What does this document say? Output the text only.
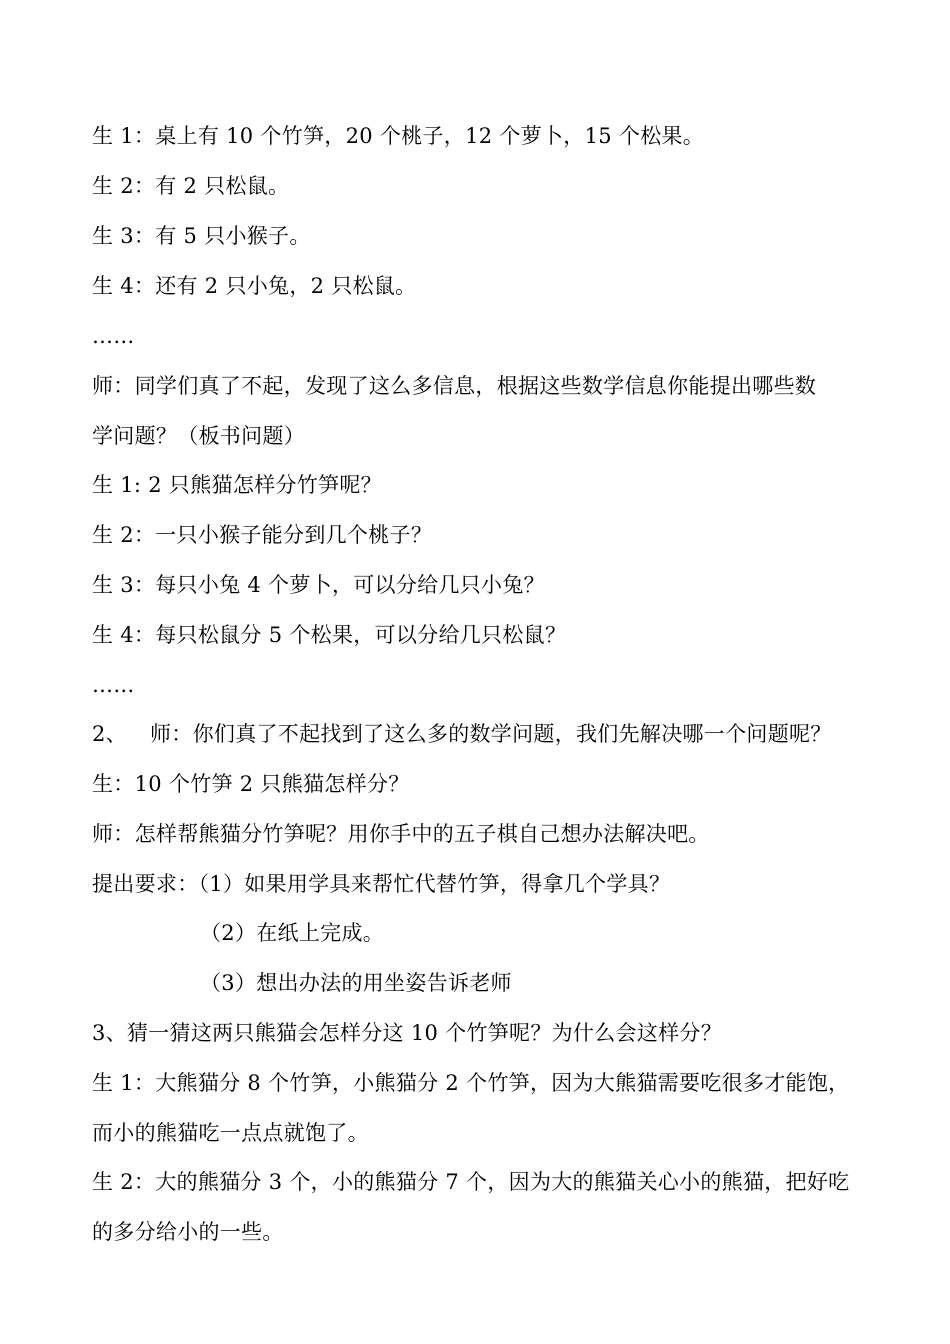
生 1：桌上有 10 个竹笋，20 个桃子，12 个萝卜，15 个松果。
生 2：有 2 只松鼠。
生 3：有 5 只小猴子。
生 4：还有 2 只小兔，2 只松鼠。
……
师：同学们真了不起，发现了这么多信息，根据这些数学信息你能提出哪些数
学问题？（板书问题）
生 1: 2 只熊猫怎样分竹笋呢？
生 2：一只小猴子能分到几个桃子？
生 3：每只小兔 4 个萝卜，可以分给几只小兔？
生 4：每只松鼠分 5 个松果，可以分给几只松鼠？
……
2、 师：你们真了不起找到了这么多的数学问题，我们先解决哪一个问题呢？
生：10 个竹笋 2 只熊猫怎样分？
师：怎样帮熊猫分竹笋呢？用你手中的五子棋自己想办法解决吧。
提出要求：（1）如果用学具来帮忙代替竹笋，得拿几个学具？
（2）在纸上完成。
（3）想出办法的用坐姿告诉老师
3、猜一猜这两只熊猫会怎样分这 10 个竹笋呢？为什么会这样分？
生 1：大熊猫分 8 个竹笋，小熊猫分 2 个竹笋，因为大熊猫需要吃很多才能饱，
而小的熊猫吃一点点就饱了。
生 2：大的熊猫分 3 个，小的熊猫分 7 个，因为大的熊猫关心小的熊猫，把好吃
的多分给小的一些。
